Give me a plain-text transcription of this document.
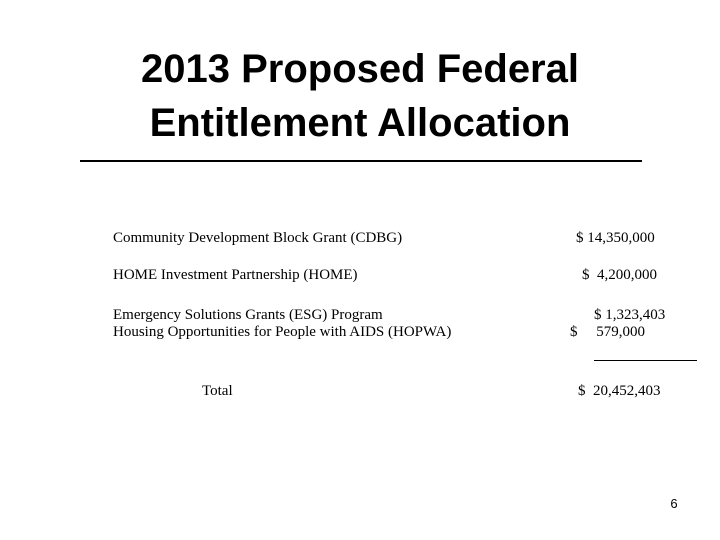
2013 Proposed Federal
Entitlement Allocation
Community Development Block Grant (CDBG)	$ 14,350,000
HOME Investment Partnership (HOME)	$  4,200,000
Emergency Solutions Grants (ESG) Program	$ 1,323,403
Housing Opportunities for People with AIDS (HOPWA)	$     579,000
Total	$  20,452,403
6
